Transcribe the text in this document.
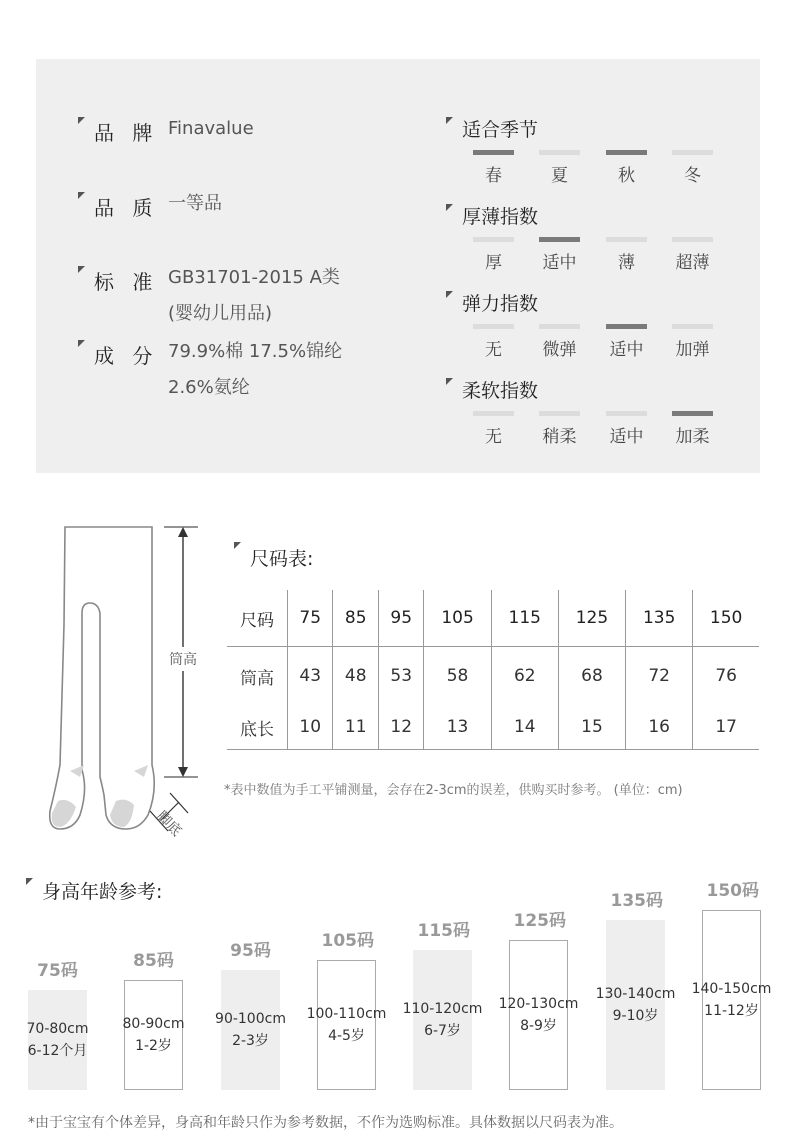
品 牌 Finavalue
品 质 一等品
标 准 GB31701-2015 A类
(婴幼儿用品)
成 分 79.9%棉 17.5%锦纶
2.6%氨纶
适合季节
春	夏	秋	冬
厚薄指数
厚	适中	薄	超薄
弹力指数
无	微弹	适中	加弹
柔软指数
无	稍柔	适中	加柔
筒高
脚底
尺码表:
尺码	75	85	95	105	115	125	135	150
筒高	43	48	53	58	62	68	72	76
底长	10	11	12	13	14	15	16	17
*表中数值为手工平铺测量，会存在2-3cm的误差，供购买时参考。 (单位：cm)
身高年龄参考:
75码
70-80cm
6-12个月
85码
80-90cm
1-2岁
95码
90-100cm
2-3岁
105码
100-110cm
4-5岁
115码
110-120cm
6-7岁
125码
120-130cm
8-9岁
135码
130-140cm
9-10岁
150码
140-150cm
11-12岁
*由于宝宝有个体差异，身高和年龄只作为参考数据，不作为选购标准。具体数据以尺码表为准。
